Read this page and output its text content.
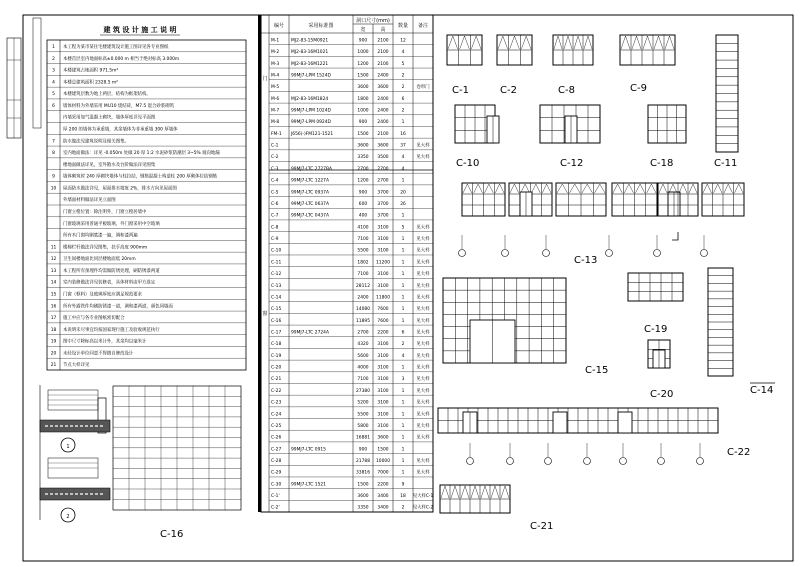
建 筑 设 计 施 工 说 明
1 本工程为某市某住宅楼建筑设计施工图详见各专业图纸
2 本楼首层室内地面标高±0.000 m 相当于绝对标高 3.000m
3 本楼建筑占地面积 971.5m²
4 本楼总建筑面积 2328.5 m²
5 本楼建筑层数为地上两层，结构为框架结构。
6 墙体材料为外墙采用 MU10 烧结砖，M7.5 混合砂浆砌筑
内墙采用加气混凝土砌块，墙体厚度详见平面图
厚 200 的墙体为承重墙，其余墙体为非承重墙 300 厚墙体
7 防水做法见建筑说明及相关图集。
8 室内地面做法：详见 -0.050m 处做 20 厚 1:2 水泥砂浆防潮层 3~5% 坡向地漏
楼地面做法详见，室外散水及台阶做法详见图集
9 墙体砌筑时 240 厚砌块墙体与柱拉结，钢筋混凝土构造柱 200 厚砌体拉结钢筋
10 屋面防水做法详见，屋面排水坡度 2%，排水方向见屋面图
外墙面材料做法详见立面图
门窗立樘位置：除注明外，门窗立樘居墙中
门窗玻璃采用普通平板玻璃，外门窗采用中空玻璃
所有木门窗均刷底漆一遍，调和漆两遍
11 楼梯栏杆做法详见图集，扶手高度 900mm
12 卫生间楼地面比同层楼地面低 20mm
13 本工程所有预埋件均需做防锈处理，刷防锈漆两道
14 室内装修做法详见装修表，具体材料由甲方选定
15 门窗（框料）及玻璃厚度应满足规范要求
16 所有外露铁件均刷防锈漆一道，调和漆两道，颜色同墙面
17 施工中应与各专业图纸密切配合
18 本说明未尽事宜均按国家现行施工及验收规范执行
19 图中尺寸除标高以米计外，其余均以毫米计
20 未经设计单位同意不得擅自修改设计
21 节点大样详见
编号	采用标准图
洞口尺寸(mm)
宽	高
数量 备注
门
窗
M-1	MJ2-83-15M0921	900 2100	12
M-2	MJ2-83-16M1021	1000 2100	4
M-3	MJ2-83-16M1221	1200 2100	5
M-4	99MJ7-LPM 1524D	1500 2400	2
M-5	3600 3600	2	卷帘门
M-6	MJ2-83-16M1824	1800 2400	6
M-7	99MJ7-LPM 1024D	1000 2400	2
M-8	99MJ7-LPM 0924D	900 2400	1
FM-1 J656(-)FM121-1521	1500 2100	16
C-1	3600 3600	37 见大样
C-2	3350 3500	4	见大样
C-3	99MJ7-LTC 2727BA	2700 2700	4
C-4	99MJ7-LTC 1227A	1200 2700	1
C-5	99MJ7-LTC 0937A	900 3700	20
C-6	99MJ7-LTC 0637A	600 3700	26
C-7	99MJ7-LTC 0437A	400 3700	1
C-8	4100 3100	5	见大样
C-9	7100 3100	1	见大样
C-10	5500 3100	1	见大样
C-11	1802 11200	1	见大样
C-12	7100 3100	1	见大样
C-13	28112 3100	1	见大样
C-14	2400 11800	1	见大样
C-15	14080 7600	1	见大样
C-16	11895 7600	1	见大样
C-17 99MJ7-LTC 2724A	2700 2200	6	见大样
C-18	4320 3100	2	见大样
C-19	5600 3100	4	见大样
C-20	4000 3100	1	见大样
C-21	7100 3100	3	见大样
C-22	27380 3100	1	见大样
C-23	5200 3100	1	见大样
C-24	5500 3100	1	见大样
C-25	5800 3100	1	见大样
C-26	16881 3600	1	见大样
C-27 99MJ7-LTC 0915	900 1500	1
C-28	21788 10000	1	见大样
C-29	33816 7000	1	见大样
C-30 99MJ7-LTC 1521	1500 2200	9
C-1'	3600 3400	18 见大样C-1
C-2'	3350 3400	2 见大样C-2
1
2
C-16
C-1	C-2	C-8	C-9
C-10	C-12	C-18	C-11
C-13
C-19
C-15
C-20	C-14
C-22
C-21
